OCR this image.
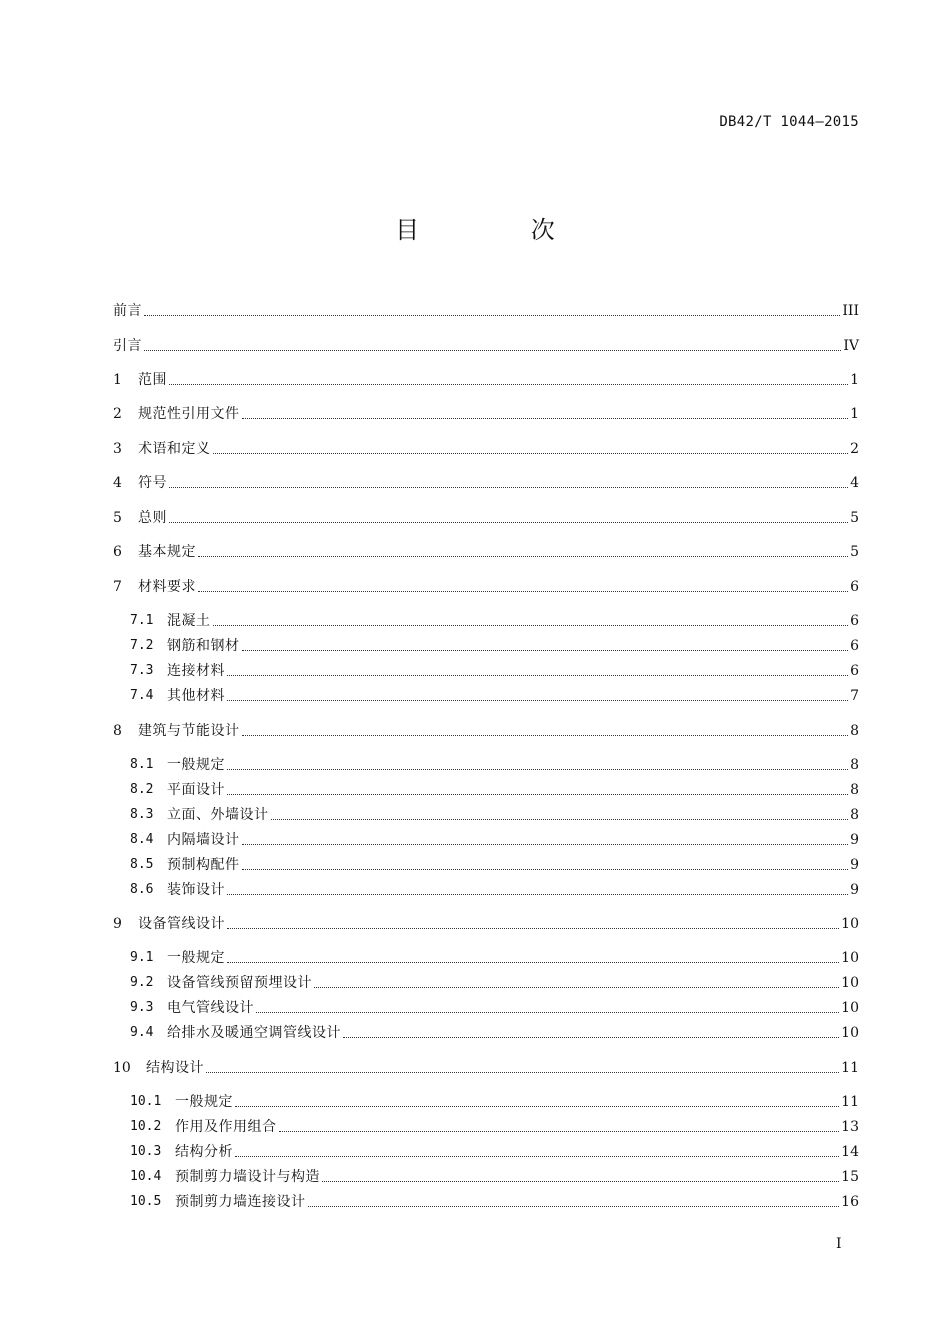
DB42/T 1044—2015
目 次
前言	III
引言	IV
1	范围	1
2	规范性引用文件	1
3	术语和定义	2
4	符号	4
5	总则	5
6	基本规定	5
7	材料要求	6
7.1 混凝土	6
7.2 钢筋和钢材	6
7.3 连接材料	6
7.4 其他材料	7
8	建筑与节能设计	8
8.1 一般规定	8
8.2 平面设计	8
8.3 立面、外墙设计	8
8.4 内隔墙设计	9
8.5 预制构配件	9
8.6 装饰设计	9
9	设备管线设计	10
9.1 一般规定	10
9.2 设备管线预留预埋设计	10
9.3 电气管线设计	10
9.4 给排水及暖通空调管线设计	10
10	结构设计	11
10.1 一般规定	11
10.2 作用及作用组合	13
10.3 结构分析	14
10.4 预制剪力墙设计与构造	15
10.5 预制剪力墙连接设计	16
I
